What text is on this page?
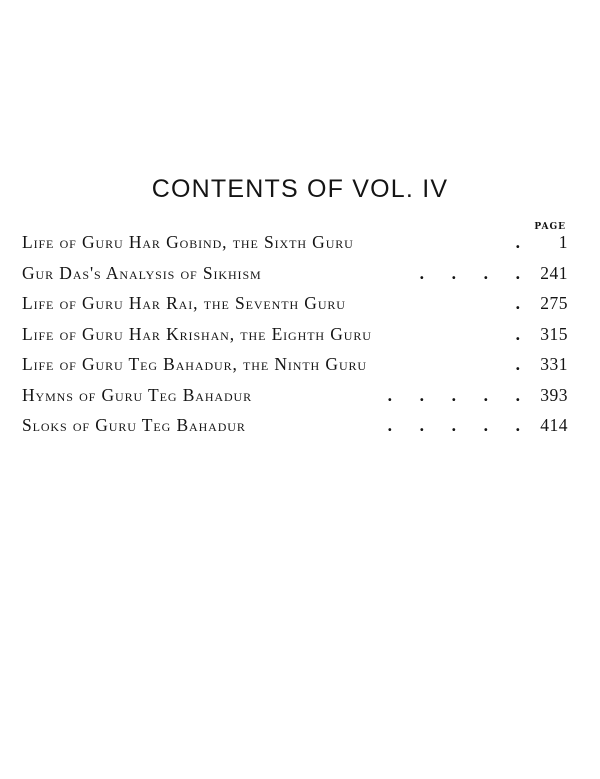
CONTENTS OF VOL. IV
PAGE
Life of Guru Har Gobind, the Sixth Guru	.	1
Gur Das's Analysis of Sikhism	.	.	.	.	241
Life of Guru Har Rai, the Seventh Guru	.	275
Life of Guru Har Krishan, the Eighth Guru	.	315
Life of Guru Teg Bahadur, the Ninth Guru	.	331
Hymns of Guru Teg Bahadur	.	.	.	.	.	393
Sloks of Guru Teg Bahadur	.	.	.	.	.	414
